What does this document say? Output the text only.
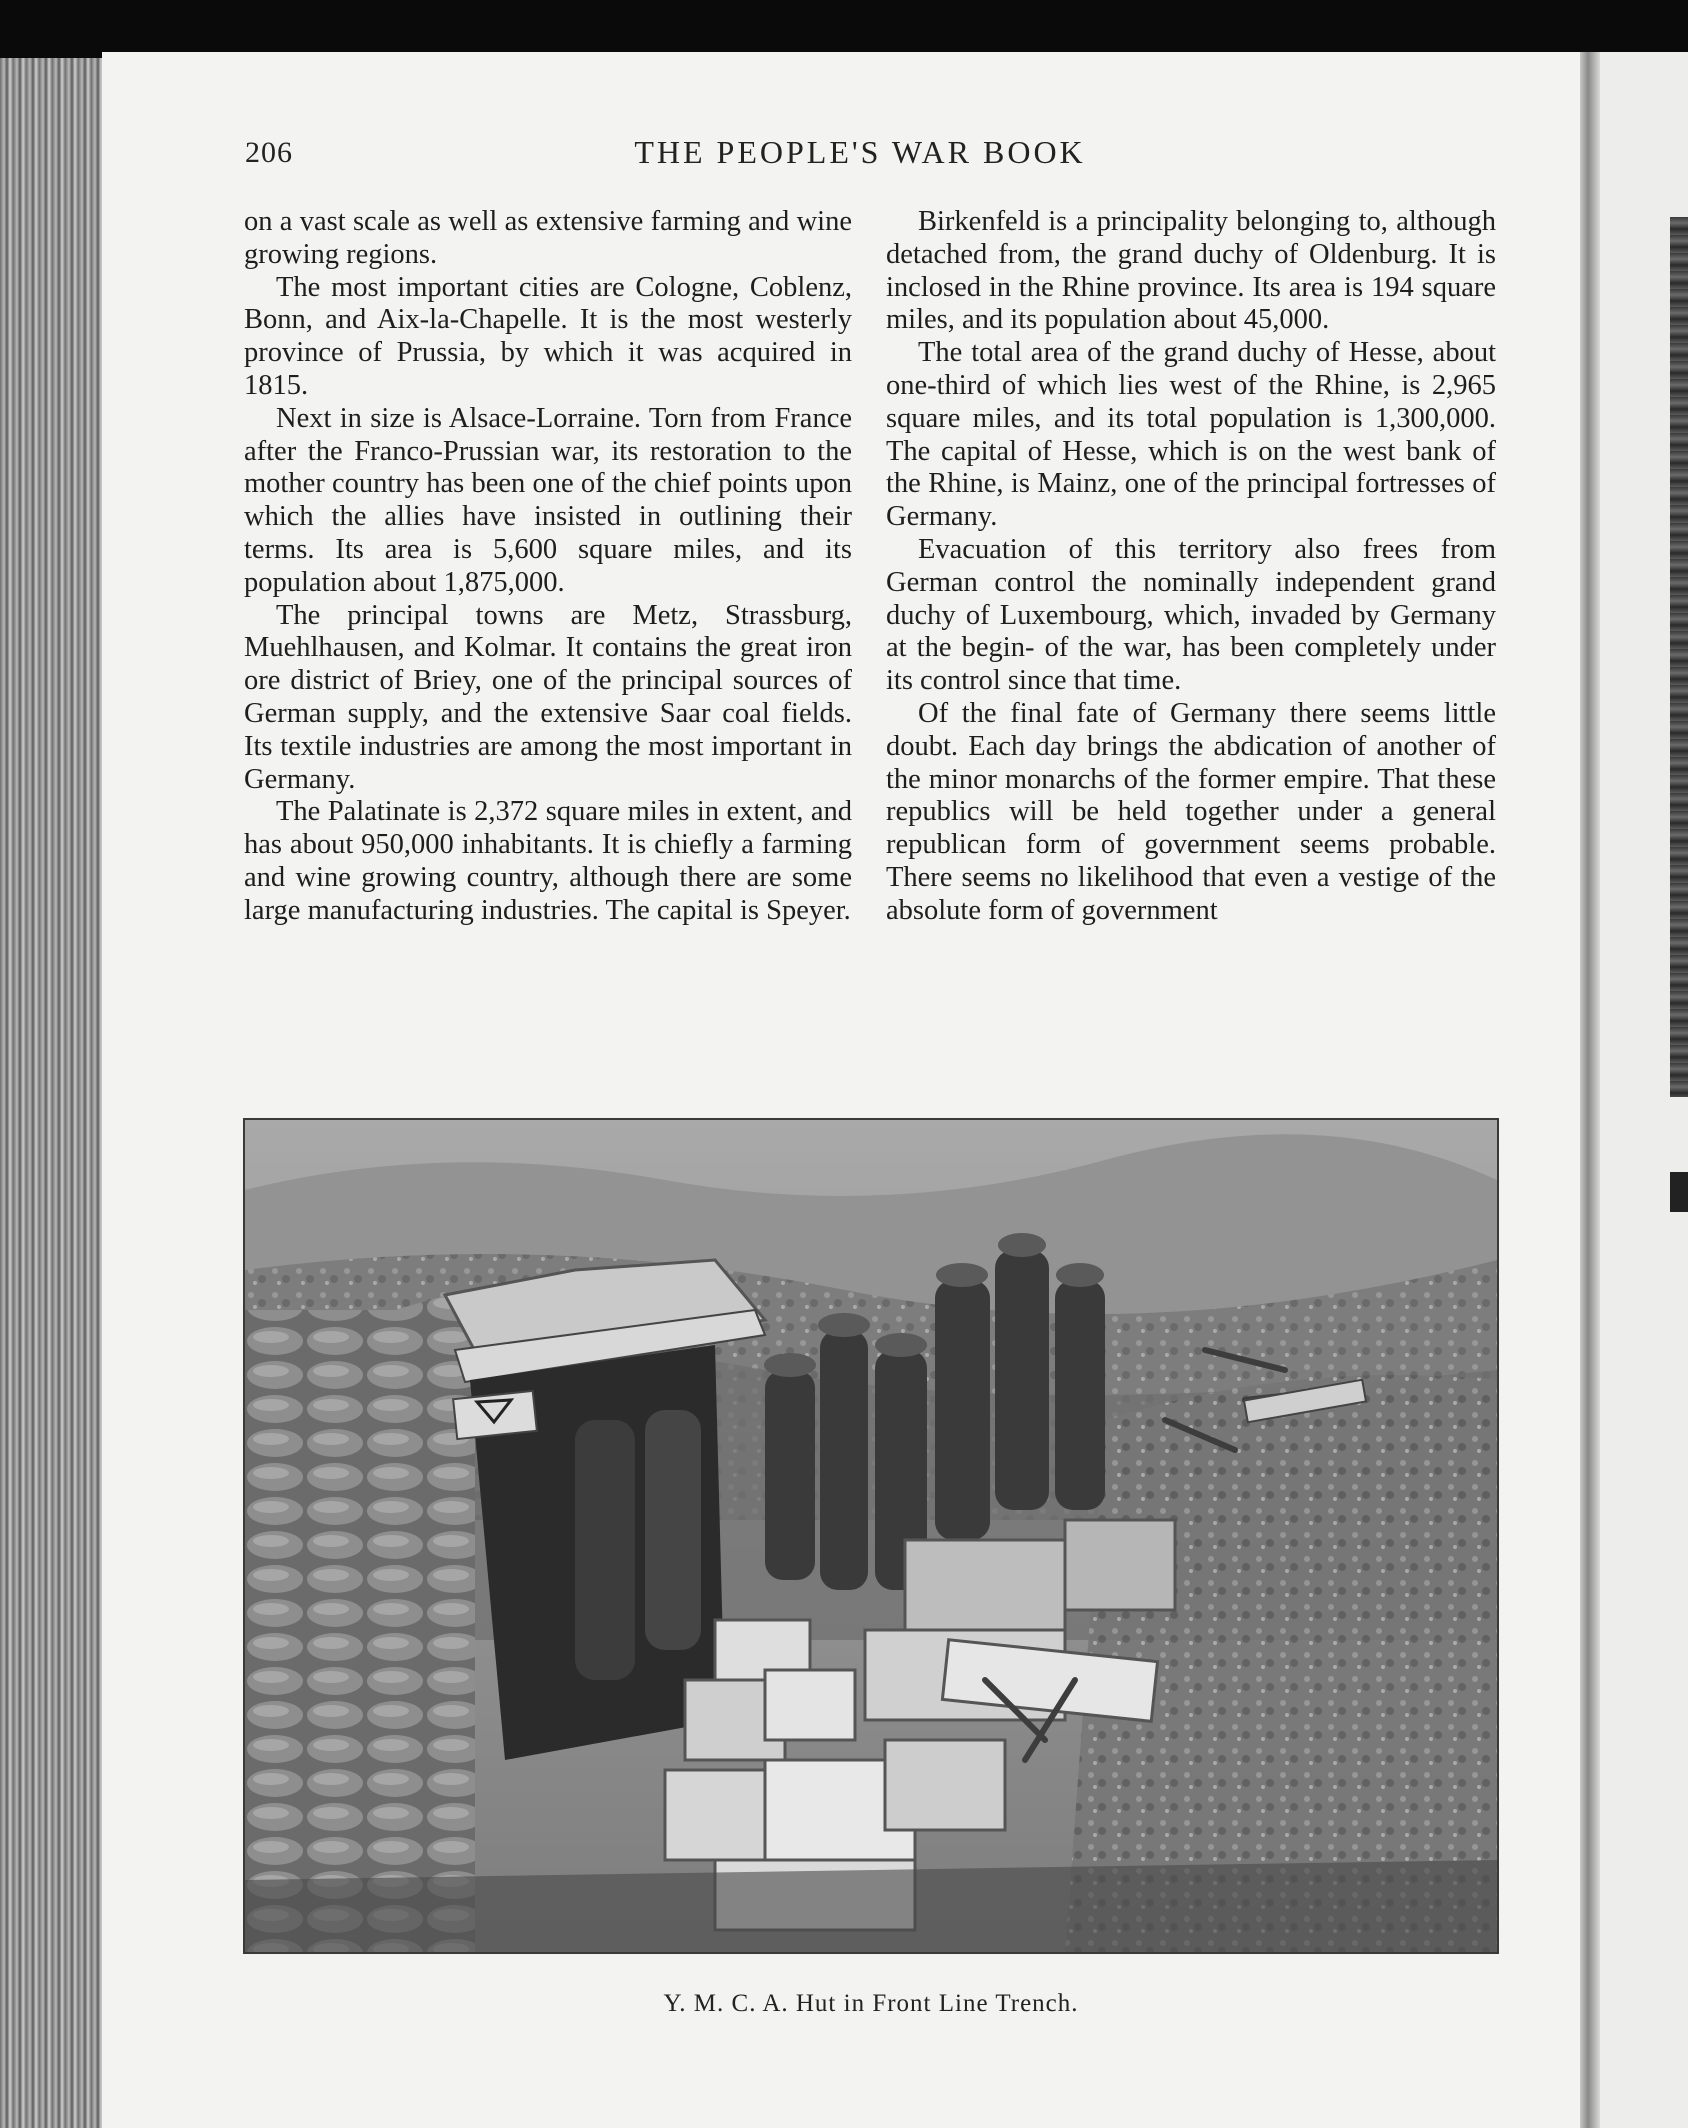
206	THE PEOPLE'S WAR BOOK

on a vast scale as well as extensive farming and wine growing regions.

The most important cities are Cologne, Coblenz, Bonn, and Aix-la-Chapelle. It is the most westerly province of Prussia, by which it was acquired in 1815.

Next in size is Alsace-Lorraine. Torn from France after the Franco-Prussian war, its restoration to the mother country has been one of the chief points upon which the allies have insisted in outlining their terms. Its area is 5,600 square miles, and its population about 1,875,000.

The principal towns are Metz, Strassburg, Muehlhausen, and Kolmar. It contains the great iron ore district of Briey, one of the principal sources of German supply, and the extensive Saar coal fields. Its textile industries are among the most important in Germany.

The Palatinate is 2,372 square miles in extent, and has about 950,000 inhabitants. It is chiefly a farming and wine growing country, although there are some large manufacturing industries. The capital is Speyer.

Birkenfeld is a principality belonging to, although detached from, the grand duchy of Oldenburg. It is inclosed in the Rhine province. Its area is 194 square miles, and its population about 45,000.

The total area of the grand duchy of Hesse, about one-third of which lies west of the Rhine, is 2,965 square miles, and its total population is 1,300,000. The capital of Hesse, which is on the west bank of the Rhine, is Mainz, one of the principal fortresses of Germany.

Evacuation of this territory also frees from German control the nominally independent grand duchy of Luxembourg, which, invaded by Germany at the begin- of the war, has been completely under its control since that time.

Of the final fate of Germany there seems little doubt. Each day brings the abdication of another of the minor monarchs of the former empire. That these republics will be held together under a general republican form of government seems probable. There seems no likelihood that even a vestige of the absolute form of government

Y. M. C. A. Hut in Front Line Trench.
